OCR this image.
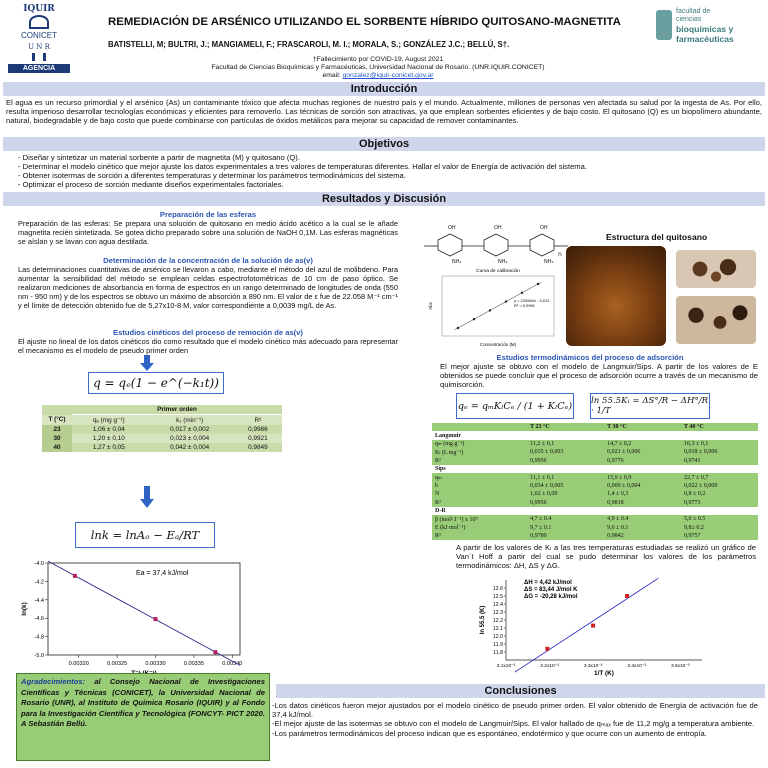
IQUIR
CONICET
U N R
AGENCIA
REMEDIACIÓN DE ARSÉNICO UTILIZANDO EL SORBENTE HÍBRIDO QUITOSANO-MAGNETITA
BATISTELLI, M; BULTRI, J.; MANGIAMELI, F.; FRASCAROLI, M. I.; MORALA, S.; GONZÁLEZ J.C.; BELLÚ, S†.
†Fallecimiento por COVID-19, August 2021
Facultad de Ciencias Bioquímicas y Farmacéuticas, Universidad Nacional de Rosario. (UNR.IQUIR.CONICET)
email: gonzalez@iquir-conicet.gov.ar
facultad de
ciencias
bioquímicas y
farmacéuticas
Introducción
El agua es un recurso primordial y el arsénico (As) un contaminante tóxico que afecta muchas regiones de nuestro país y el mundo. Actualmente, millones de personas ven afectada su salud por la ingesta de As. Por ello, resulta imperioso desarrollar tecnologías económicas y eficientes para removerlo. Las técnicas de sorción son atractivas, ya que emplean sorbentes eficientes y de bajo costo. El quitosano (Q) es un biopolímero abundante, natural, biodegradable y de bajo costo que puede combinarse con partículas de óxidos metálicos para mejorar su capacidad de remover contaminantes.
Objetivos
- Diseñar y sintetizar un material sorbente a partir de magnetita (M) y quitosano (Q).
- Determinar el modelo cinético que mejor ajuste los datos experimentales a tres valores de temperaturas diferentes. Hallar el valor de Energía de activación del sistema.
- Obtener isotermas de sorción a diferentes temperaturas y determinar los parámetros termodinámicos del sistema.
- Optimizar el proceso de sorción mediante diseños experimentales factoriales.
Resultados y Discusión
Preparación de las esferas
Preparación de las esferas: Se prepara una solución de quitosano en medio ácido acético a la cual se le añade magnetita recién sintetizada. Se gotea dicho preparado sobre una solución de NaOH 0,1M. Las esferas magnéticas se aíslan y se lavan con agua destilada.
Determinación de la concentración de la solución de as(v)
Las determinaciones cuantitativas de arsénico se llevaron a cabo, mediante el método del azul de molibdeno. Para aumentar la sensibilidad del método se emplean celdas espectrofotométricas de 10 cm de paso óptico. Se realizaron mediciones de absorbancia en forma de espectros en un rango determinado de longitudes de onda (550 nm - 950 nm) y de los espectros se obtuvo un máximo de absorción a 890 nm. El valor de ε fue de 22.058 M⁻¹ cm⁻¹ y el límite de detección obtenido fue de 5,27x10-8 M, valor correspondiente a 0,0039 mg/L de As.
Estudios cinéticos del proceso de remoción de as(v)
El ajuste no lineal de los datos cinéticos dio como resultado que el modelo cinético más adecuado para representar el mecanismo es el modelo de pseudo primer orden
q = qₑ(1 − e^(−k₁t))
	Primer orden		
T (°C)	qₑ (mg g⁻¹)	k₁ (min⁻¹)	R²
23	1,06 ± 0,04	0,017 ± 0,002	0,9986
30	1,20 ± 0,10	0,023 ± 0,004	0,9921
40	1,27 ± 0,05	0,042 ± 0,004	0,9849
lnk = lnAₒ − Eₐ/RT
-4.0
-4.2
-4.4
-4.6
-4.8
-5.0
0.00320	0.00325	0.00330	0.00335	0.00340
Ea = 37,4 kJ/mol
ln(k)
Agradecimientos: al Consejo Nacional de Investigaciones Científicas y Técnicas (CONICET), la Universidad Nacional de Rosario (UNR), al Instituto de Química Rosario (IQUIR) y al Fondo para la Investigación Científica y Tecnológica (FONCYT- PICT 2020. A Sebastián Bellú.
OH	OH	OH
NH₂	NH₂	NH₂
n
Estructura del quitosano
Curva de calibración
y = 220564x - 0,012
R² = 0,9991
Concentración (M)
Abs
Estudios termodinámicos del proceso de adsorción
El mejor ajuste se obtuvo con el modelo de Langmuir/Sips. A partir de los valores de E obtenidos se puede concluir que el proceso de adsorción ocurre a través de un mecanismo de quimisorción.
qₑ = qₘKₗCₑ / (1 + KₗCₑ) ln 55.5Kₗ = ΔS°/R − ΔH°/R · 1/T
	T 23 °C	T 30 °C	T 40 °C
Langmuir			
qₘ (mg g⁻¹)	11,2 ± 0,1	14,7 ± 0,2	16,3 ± 0,1
Kₗ (L mg⁻¹)	0,035 ± 0,003	0,021 ± 0,006	0,018 ± 0,006
R²	0,9956	0,9776	0,9741
Sips			
qₘ	11,1 ± 0,1	15,9 ± 0,9	22,7 ± 0,7
b	0,034 ± 0,005	0,009 ± 0,004	0,022 ± 0,009
N	1,02 ± 0,09	1,4 ± 0,3	0,8 ± 0,2
R²	0,9956	0,9818	0,9773
D-R			
β (mol² J⁻²) x 10⁹	4,7 ± 0.4	4,9 ± 0.4	5,0 ± 0.5
E (kJ mol⁻¹)	9,7 ± 0.1	9,6 ± 0.1	9,8± 0.2
R²	0,9780	0,9842	0,9757
A partir de los valores de Kₗ a las tres temperaturas estudiadas se realizó un gráfico de Van´t Hoff a partir del cual se pudo determinar los valores de los parámetros termodinámicos: ΔH, ΔS y ΔG.
12.6
12.5
12.4
12.3
12.2
12.1
12.0
11.9
11.8
3.1x10⁻³	3.2x10⁻³	3.3x10⁻³	3.4x10⁻³	3.5x10⁻³
ΔH = 4,42 kJ/mol
ΔS = 83,44 J/mol K
ΔG = -20,28 kJ/mol
1/T (K)
ln 55.5 (K)
Conclusiones
-Los datos cinéticos fueron mejor ajustados por el modelo cinético de pseudo primer orden. El valor obtenido de Energía de activación fue de 37,4 kJ/mol.
-El mejor ajuste de las isotermas se obtuvo con el modelo de Langmuir/Sips. El valor hallado de qₘₐₓ fue de 11,2 mg/g a temperatura ambiente.
-Los parámetros termodinámicos del proceso indican que es espontáneo, endotérmico y que ocurre con un aumento de entropía.
